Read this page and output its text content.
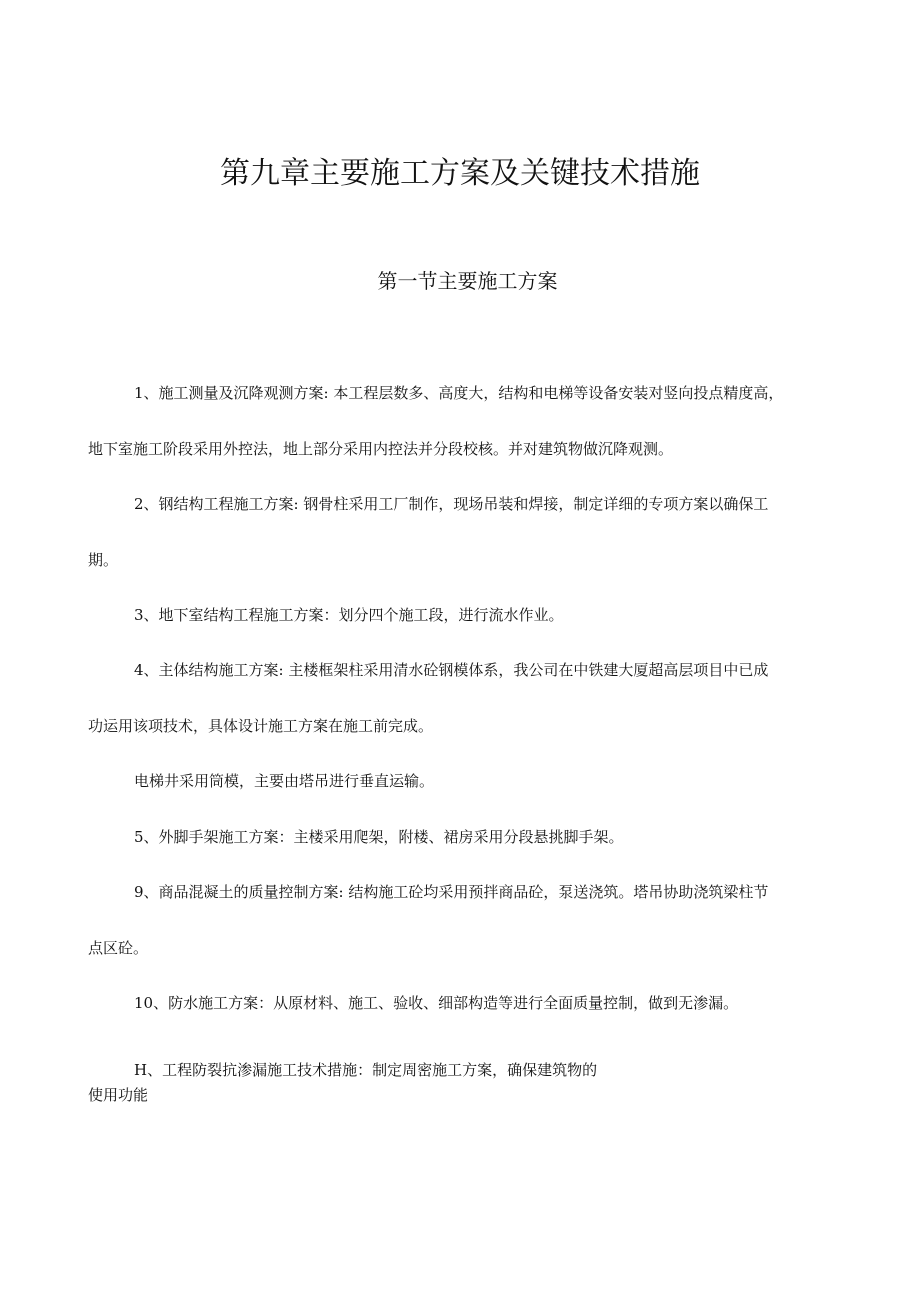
第九章主要施工方案及关键技术措施
第一节主要施工方案
1、施工测量及沉降观测方案: 本工程层数多、高度大，结构和电梯等设备安装对竖向投点精度高，
地下室施工阶段采用外控法，地上部分采用内控法并分段校核。并对建筑物做沉降观测。
2、钢结构工程施工方案: 钢骨柱采用工厂制作，现场吊装和焊接，制定详细的专项方案以确保工
期。
3、地下室结构工程施工方案：划分四个施工段，进行流水作业。
4、主体结构施工方案: 主楼框架柱采用清水砼钢模体系，我公司在中铁建大厦超高层项目中已成
功运用该项技术，具体设计施工方案在施工前完成。
电梯井采用筒模，主要由塔吊进行垂直运输。
5、外脚手架施工方案：主楼采用爬架，附楼、裙房采用分段悬挑脚手架。
9、商品混凝土的质量控制方案: 结构施工砼均采用预拌商品砼，泵送浇筑。塔吊协助浇筑梁柱节
点区砼。
10、防水施工方案：从原材料、施工、验收、细部构造等进行全面质量控制，做到无渗漏。
H、工程防裂抗渗漏施工技术措施：制定周密施工方案，确保建筑物的
使用功能
